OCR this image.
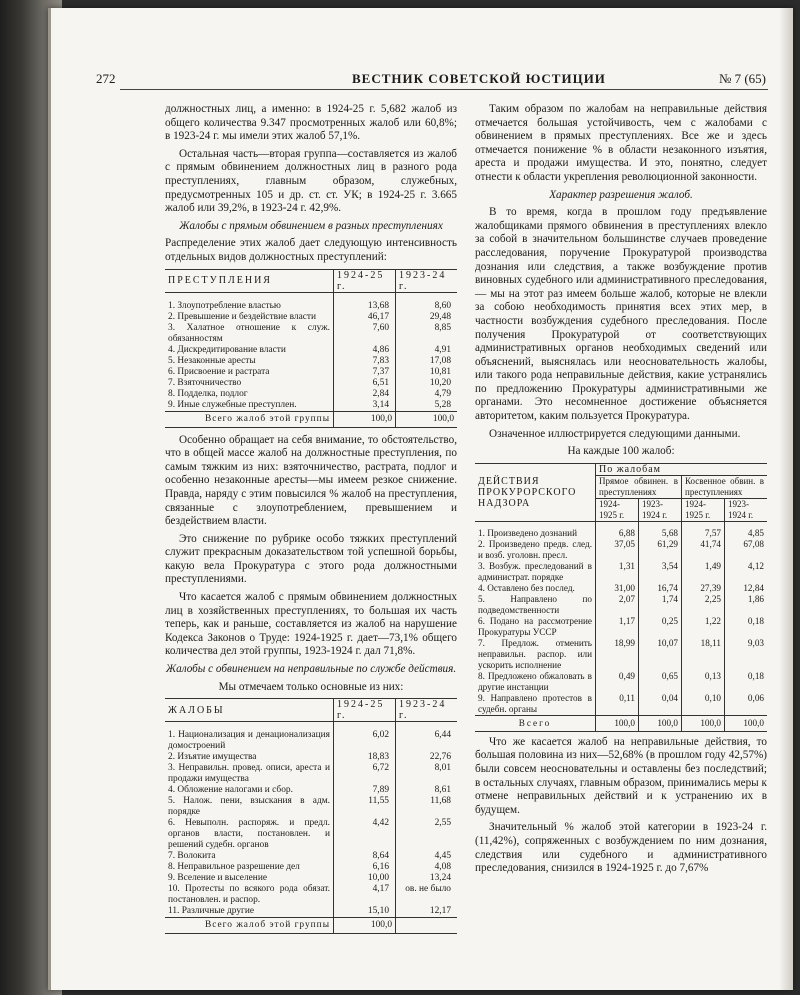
272	ВЕСТНИК СОВЕТСКОЙ ЮСТИЦИИ	№ 7 (65)

должностных лиц, а именно: в 1924-25 г. 5,682 жалоб из общего количества 9.347 просмотренных жалоб или 60,8%; в 1923-24 г. мы имели этих жалоб 57,1%.

Остальная часть—вторая группа—составляется из жалоб с прямым обвинением должностных лиц в разного рода преступлениях, главным образом, служебных, предусмотренных 105 и др. ст. ст. УК; в 1924-25 г. 3.665 жалоб или 39,2%, в 1923-24 г. 42,9%.

Жалобы с прямым обвинением в разных преступлениях

Распределение этих жалоб дает следующую интенсивность отдельных видов должностных преступлений:

ПРЕСТУПЛЕНИЯ	1924-25 г.	1923-24 г.
1. Злоупотребление властью	13,68	8,60
2. Превышение и бездействие власти	46,17	29,48
3. Халатное отношение к служ. обязанностям	7,60	8,85
4. Дискредитирование власти	4,86	4,91
5. Незаконные аресты	7,83	17,08
6. Присвоение и растрата	7,37	10,81
7. Взяточничество	6,51	10,20
8. Подделка, подлог	2,84	4,79
9. Иные служебные преступлен.	3,14	5,28
Всего жалоб этой группы	100,0	100,0

Особенно обращает на себя внимание, то обстоятельство, что в общей массе жалоб на должностные преступления, по самым тяжким из них: взяточничество, растрата, подлог и особенно незаконные аресты—мы имеем резкое снижение. Правда, наряду с этим повысился % жалоб на преступления, связанные с злоупотреблением, превышением и бездействием власти.

Это снижение по рубрике особо тяжких преступлений служит прекрасным доказательством той успешной борьбы, какую вела Прокуратура с этого рода должностными преступлениями.

Что касается жалоб с прямым обвинением должностных лиц в хозяйственных преступлениях, то большая их часть теперь, как и раньше, составляется из жалоб на нарушение Кодекса Законов о Труде: 1924-1925 г. дает—73,1% общего количества дел этой группы, 1923-1924 г. дал 71,8%.

Жалобы с обвинением на неправильные по службе действия.

Мы отмечаем только основные из них:

ЖАЛОБЫ	1924-25 г.	1923-24 г.
1. Национализация и денационализация домостроений	6,02	6,44
2. Изъятие имущества	18,83	22,76
3. Неправильн. провед. описи, ареста и продажи имущества	6,72	8,01
4. Обложение налогами и сбор.	7,89	8,61
5. Налож. пени, взыскания в адм. порядке	11,55	11,68
6. Невыполн. распоряж. и предл. органов власти, постановлен. и решений судебн. органов	4,42	2,55
7. Волокита	8,64	4,45
8. Неправильное разрешение дел	6,16	4,08
9. Вселение и выселение	10,00	13,24
10. Протесты по всякого рода обязат. постановлен. и распор.	4,17	ов. не было
11. Различные другие	15,10	12,17
Всего жалоб этой группы	100,0	

Таким образом по жалобам на неправильные действия отмечается большая устойчивость, чем с жалобами с обвинением в прямых преступлениях. Все же и здесь отмечается понижение % в области незаконного изъятия, ареста и продажи имущества. И это, понятно, следует отнести к области укрепления революционной законности.

Характер разрешения жалоб.

В то время, когда в прошлом году предъявление жалобщиками прямого обвинения в преступлениях влекло за собой в значительном большинстве случаев проведение расследования, поручение Прокуратурой производства дознания или следствия, а также возбуждение против виновных судебного или административного преследования, — мы на этот раз имеем больше жалоб, которые не влекли за собою необходимость принятия всех этих мер, в частности возбуждения судебного преследования. После получения Прокуратурой от соответствующих административных органов необходимых сведений или объяснений, выяснялась или неосновательность жалобы, или такого рода неправильные действия, какие устранялись по предложению Прокуратуры административными же органами. Это несомненное достижение объясняется авторитетом, каким пользуется Прокуратура.

Означенное иллюстрируется следующими данными.

На каждые 100 жалоб:

ДЕЙСТВИЯ ПРОКУРОРСКОГО НАДЗОРА	По жалобам			
	Прямое обвинен. в преступлениях		Косвенное обвин. в преступлениях	
	1924-1925 г.	1923-1924 г.	1924-1925 г.	1923-1924 г.
1. Произведено дознаний	6,88	5,68	7,57	4,85
2. Произведено предв. след. и возб. уголовн. пресл.	37,05	61,29	41,74	67,08
3. Возбуж. преследований в администрат. порядке	1,31	3,54	1,49	4,12
4. Оставлено без послед.	31,00	16,74	27,39	12,84
5. Направлено по подведомственности	2,07	1,74	2,25	1,86
6. Подано на рассмотрение Прокуратуры УССР	1,17	0,25	1,22	0,18
7. Предлож. отменить неправильн. распор. или ускорить исполнение	18,99	10,07	18,11	9,03
8. Предложено обжаловать в другие инстанции	0,49	0,65	0,13	0,18
9. Направлено протестов в судебн. органы	0,11	0,04	0,10	0,06
Всего	100,0	100,0	100,0	100,0

Что же касается жалоб на неправильные действия, то большая половина из них—52,68% (в прошлом году 42,57%) были совсем неосновательны и оставлены без последствий; в остальных случаях, главным образом, принимались меры к отмене неправильных действий и к устранению их в будущем.

Значительный % жалоб этой категории в 1923-24 г. (11,42%), сопряженных с возбуждением по ним дознания, следствия или судебного и административного преследования, снизился в 1924-1925 г. до 7,67%
